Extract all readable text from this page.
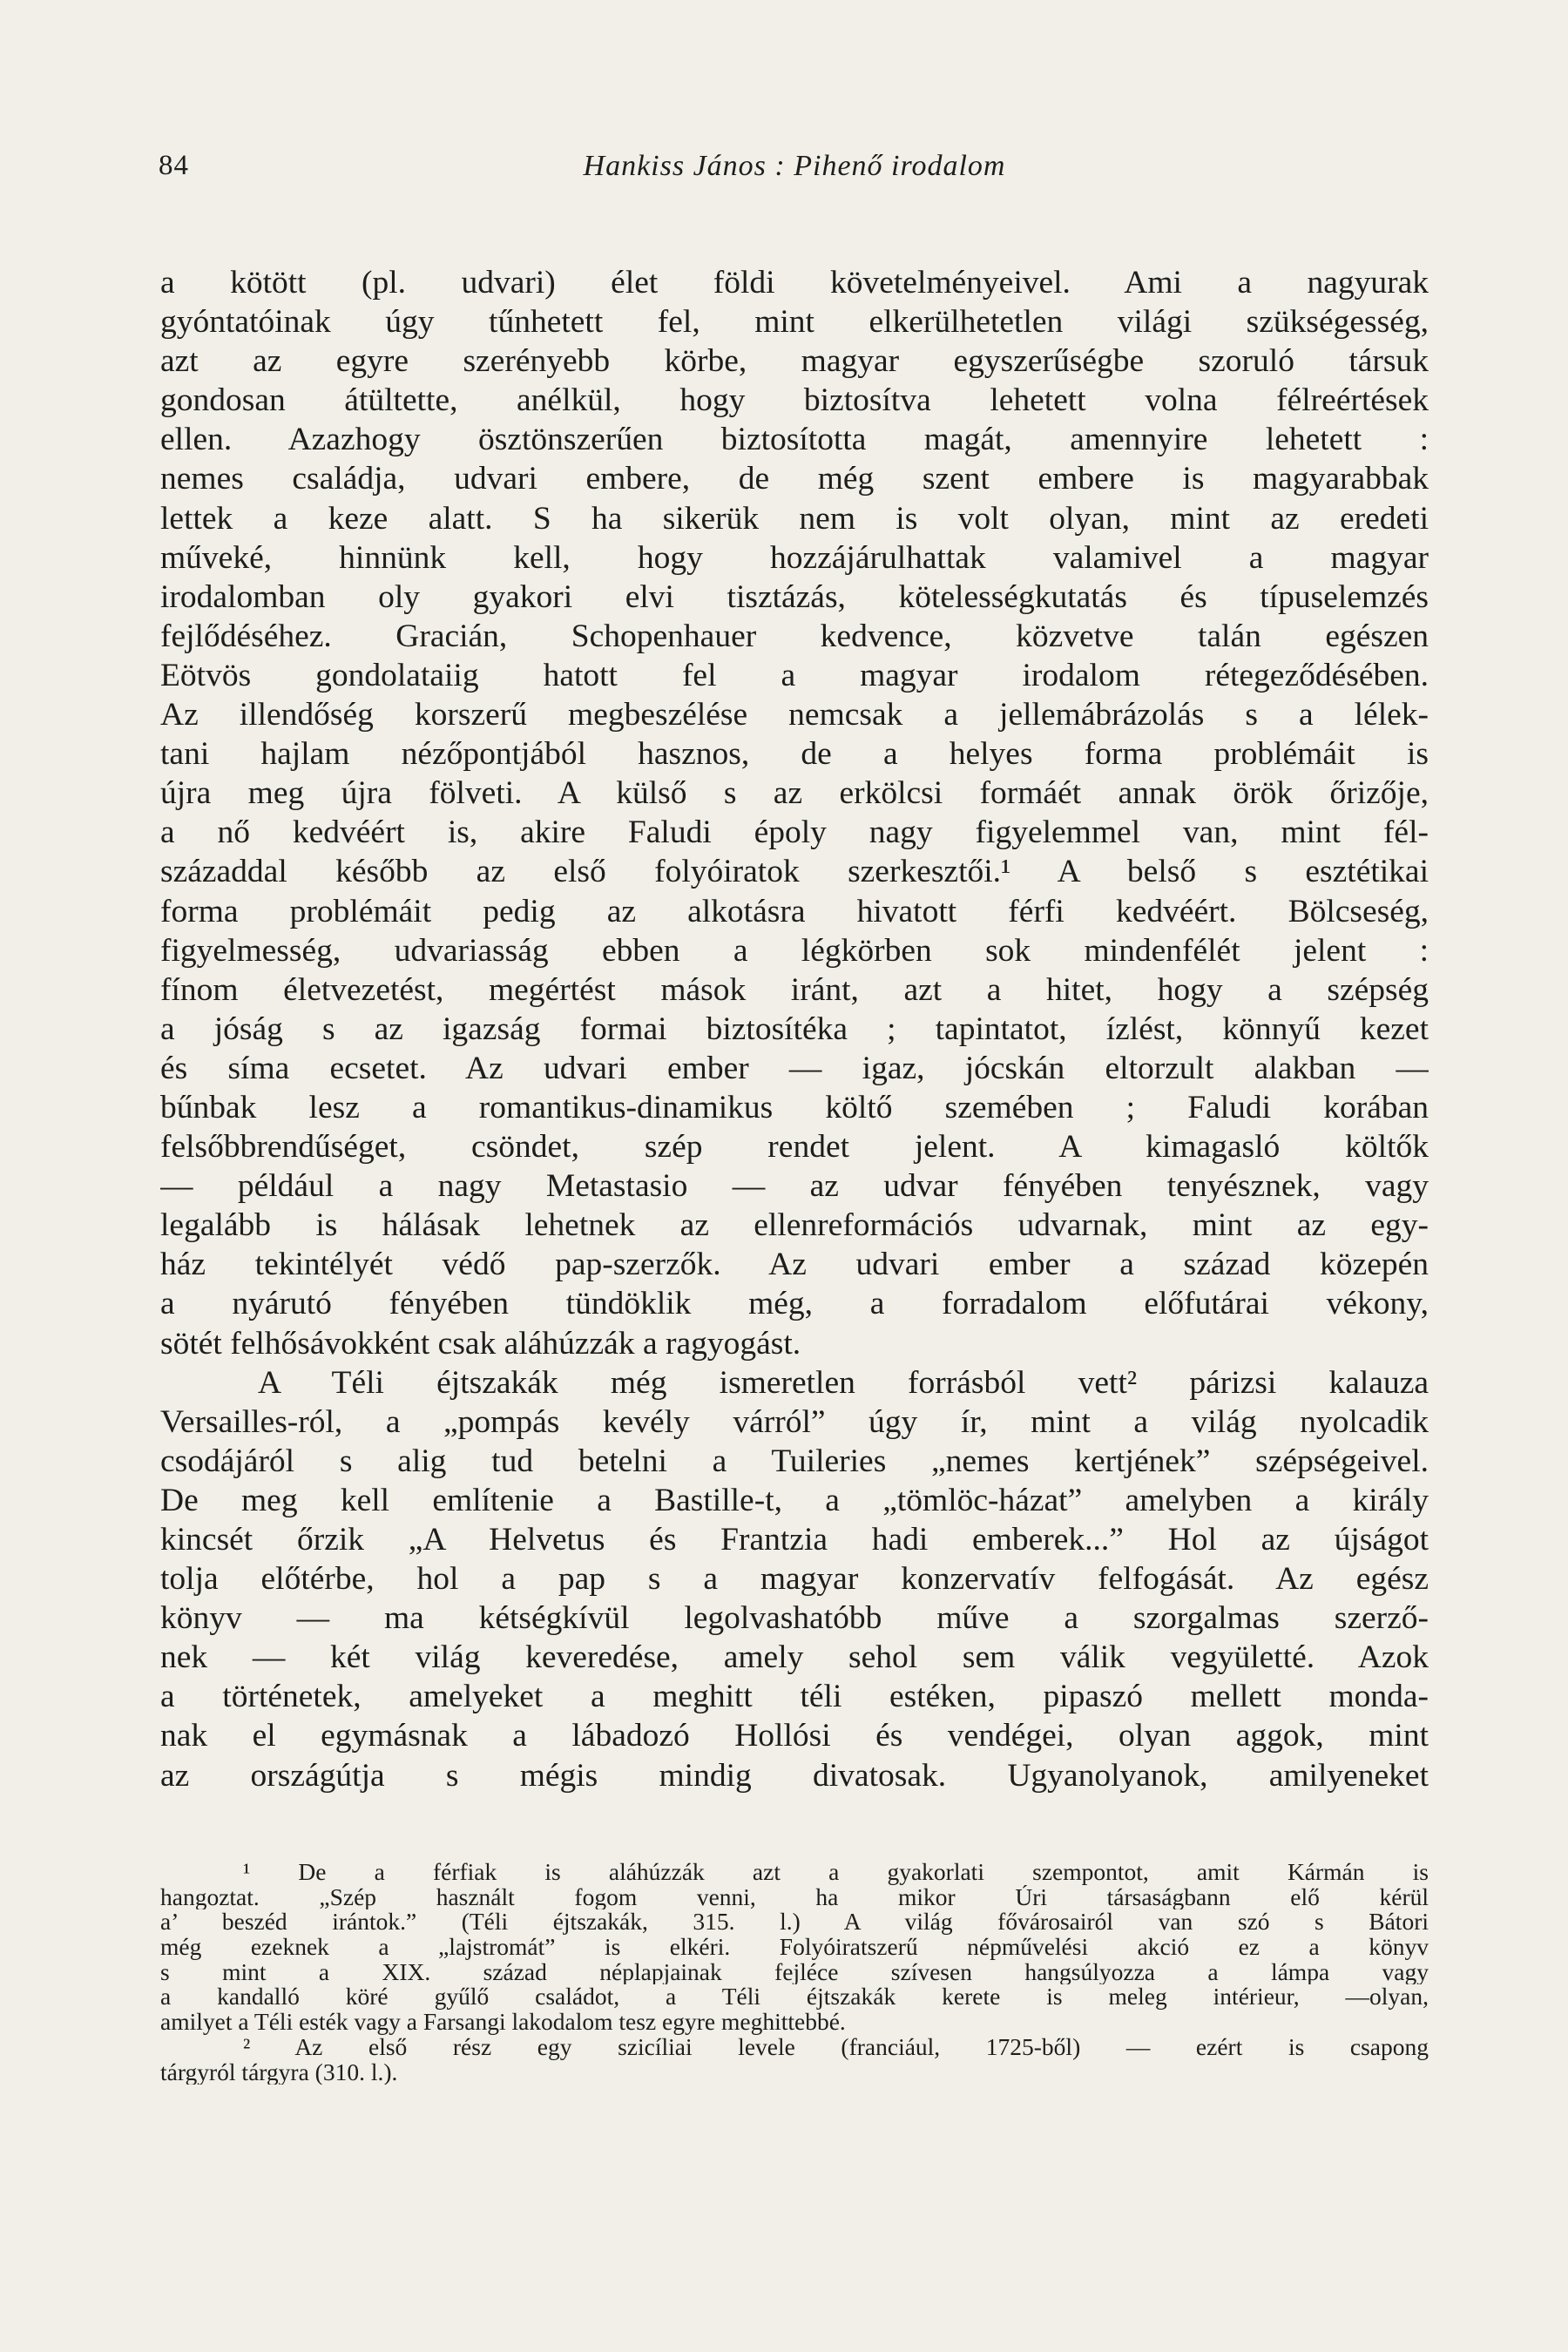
84	Hankiss János : Pihenő irodalom
a kötött (pl. udvari) élet földi követelményeivel. Ami a nagyurak
gyóntatóinak úgy tűnhetett fel, mint elkerülhetetlen világi szükségesség,
azt az egyre szerényebb körbe, magyar egyszerűségbe szoruló társuk
gondosan átültette, anélkül, hogy biztosítva lehetett volna félreértések
ellen. Azazhogy ösztönszerűen biztosította magát, amennyire lehetett :
nemes családja, udvari embere, de még szent embere is magyarabbak
lettek a keze alatt. S ha sikerük nem is volt olyan, mint az eredeti
műveké, hinnünk kell, hogy hozzájárulhattak valamivel a magyar
irodalomban oly gyakori elvi tisztázás, kötelességkutatás és típuselemzés
fejlődéséhez. Gracián, Schopenhauer kedvence, közvetve talán egészen
Eötvös gondolataiig hatott fel a magyar irodalom rétegeződésében.
Az illendőség korszerű megbeszélése nemcsak a jellemábrázolás s a lélek-
tani hajlam nézőpontjából hasznos, de a helyes forma problémáit is
újra meg újra fölveti. A külső s az erkölcsi formáét annak örök őrizője,
a nő kedvéért is, akire Faludi époly nagy figyelemmel van, mint fél-
századdal később az első folyóiratok szerkesztői.¹ A belső s esztétikai
forma problémáit pedig az alkotásra hivatott férfi kedvéért. Bölcseség,
figyelmesség, udvariasság ebben a légkörben sok mindenfélét jelent :
fínom életvezetést, megértést mások iránt, azt a hitet, hogy a szépség
a jóság s az igazság formai biztosítéka ; tapintatot, ízlést, könnyű kezet
és síma ecsetet. Az udvari ember — igaz, jócskán eltorzult alakban —
bűnbak lesz a romantikus-dinamikus költő szemében ; Faludi korában
felsőbbrendűséget, csöndet, szép rendet jelent. A kimagasló költők
— például a nagy Metastasio — az udvar fényében tenyésznek, vagy
legalább is hálásak lehetnek az ellenreformációs udvarnak, mint az egy-
ház tekintélyét védő pap-szerzők. Az udvari ember a század közepén
a nyárutó fényében tündöklik még, a forradalom előfutárai vékony,
sötét felhősávokként csak aláhúzzák a ragyogást.
A Téli éjtszakák még ismeretlen forrásból vett² párizsi kalauza
Versailles-ról, a „pompás kevély várról” úgy ír, mint a világ nyolcadik
csodájáról s alig tud betelni a Tuileries „nemes kertjének” szépségeivel.
De meg kell említenie a Bastille-t, a „tömlöc-házat” amelyben a király
kincsét őrzik „A Helvetus és Frantzia hadi emberek...” Hol az újságot
tolja előtérbe, hol a pap s a magyar konzervatív felfogását. Az egész
könyv — ma kétségkívül legolvashatóbb műve a szorgalmas szerző-
nek — két világ keveredése, amely sehol sem válik vegyületté. Azok
a történetek, amelyeket a meghitt téli estéken, pipaszó mellett monda-
nak el egymásnak a lábadozó Hollósi és vendégei, olyan aggok, mint
az országútja s mégis mindig divatosak. Ugyanolyanok, amilyeneket
¹ De a férfiak is aláhúzzák azt a gyakorlati szempontot, amit Kármán is
hangoztat. „Szép használt fogom venni, ha mikor Úri társaságbann elő kérül
a’ beszéd irántok.” (Téli éjtszakák, 315. l.) A világ fővárosairól van szó s Bátori
még ezeknek a „lajstromát” is elkéri. Folyóiratszerű népművelési akció ez a könyv
s mint a XIX. század néplapjainak fejléce szívesen hangsúlyozza a lámpa vagy
a kandalló köré gyűlő családot, a Téli éjtszakák kerete is meleg intérieur, —olyan,
amilyet a Téli esték vagy a Farsangi lakodalom tesz egyre meghittebbé.
² Az első rész egy szicíliai levele (franciául, 1725-ből) — ezért is csapong
tárgyról tárgyra (310. l.).
